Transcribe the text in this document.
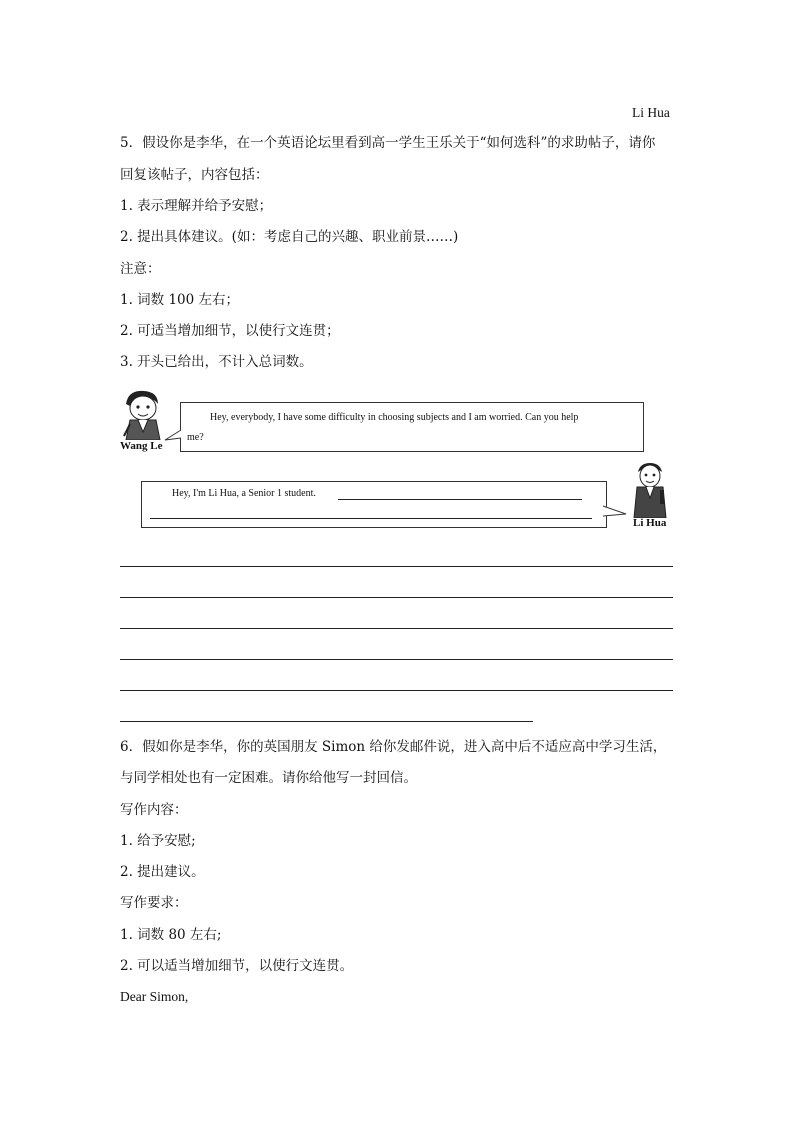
Li Hua
5．假设你是李华，在一个英语论坛里看到高一学生王乐关于“如何选科”的求助帖子，请你
回复该帖子，内容包括：
1. 表示理解并给予安慰；
2. 提出具体建议。(如：考虑自己的兴趣、职业前景……)
注意：
1. 词数 100 左右；
2. 可适当增加细节，以使行文连贯；
3. 开头已给出，不计入总词数。
Wang Le
Hey, everybody, I have some difficulty in choosing subjects and I am worried. Can you help
me?
Hey, I'm Li Hua, a Senior 1 student.
Li Hua
6．假如你是李华，你的英国朋友 Simon 给你发邮件说，进入高中后不适应高中学习生活，
与同学相处也有一定困难。请你给他写一封回信。
写作内容：
1. 给予安慰;
2. 提出建议。
写作要求：
1. 词数 80 左右;
2. 可以适当增加细节，以使行文连贯。
Dear Simon,
